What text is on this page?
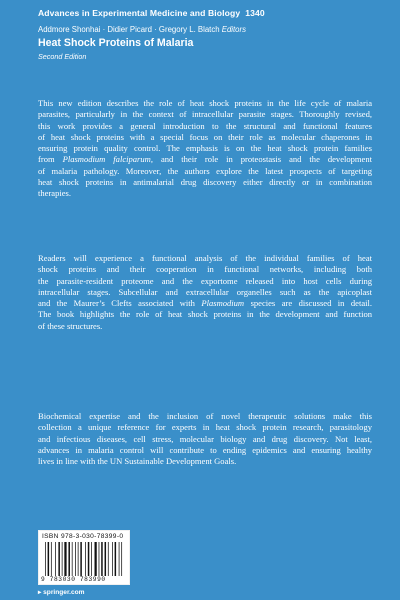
Advances in Experimental Medicine and Biology 1340
Addmore Shonhai · Didier Picard · Gregory L. Blatch Editors
Heat Shock Proteins of Malaria
Second Edition
This new edition describes the role of heat shock proteins in the life cycle of malaria
parasites, particularly in the context of intracellular parasite stages. Thoroughly revised,
this work provides a general introduction to the structural and functional features
of heat shock proteins with a special focus on their role as molecular chaperones in
ensuring protein quality control. The emphasis is on the heat shock protein families
from Plasmodium falciparum, and their role in proteostasis and the development
of malaria pathology. Moreover, the authors explore the latest prospects of targeting
heat shock proteins in antimalarial drug discovery either directly or in combination
therapies.
Readers will experience a functional analysis of the individual families of heat
shock proteins and their cooperation in functional networks, including both
the parasite-resident proteome and the exportome released into host cells during
intracellular stages. Subcellular and extracellular organelles such as the apicoplast
and the Maurer’s Clefts associated with Plasmodium species are discussed in detail.
The book highlights the role of heat shock proteins in the development and function
of these structures.
Biochemical expertise and the inclusion of novel therapeutic solutions make this
collection a unique reference for experts in heat shock protein research, parasitology
and infectious diseases, cell stress, molecular biology and drug discovery. Not least,
advances in malaria control will contribute to ending epidemics and ensuring healthy
lives in line with the UN Sustainable Development Goals.
ISBN 978-3-030-78399-0
9 783030 783990
▸ springer.com
